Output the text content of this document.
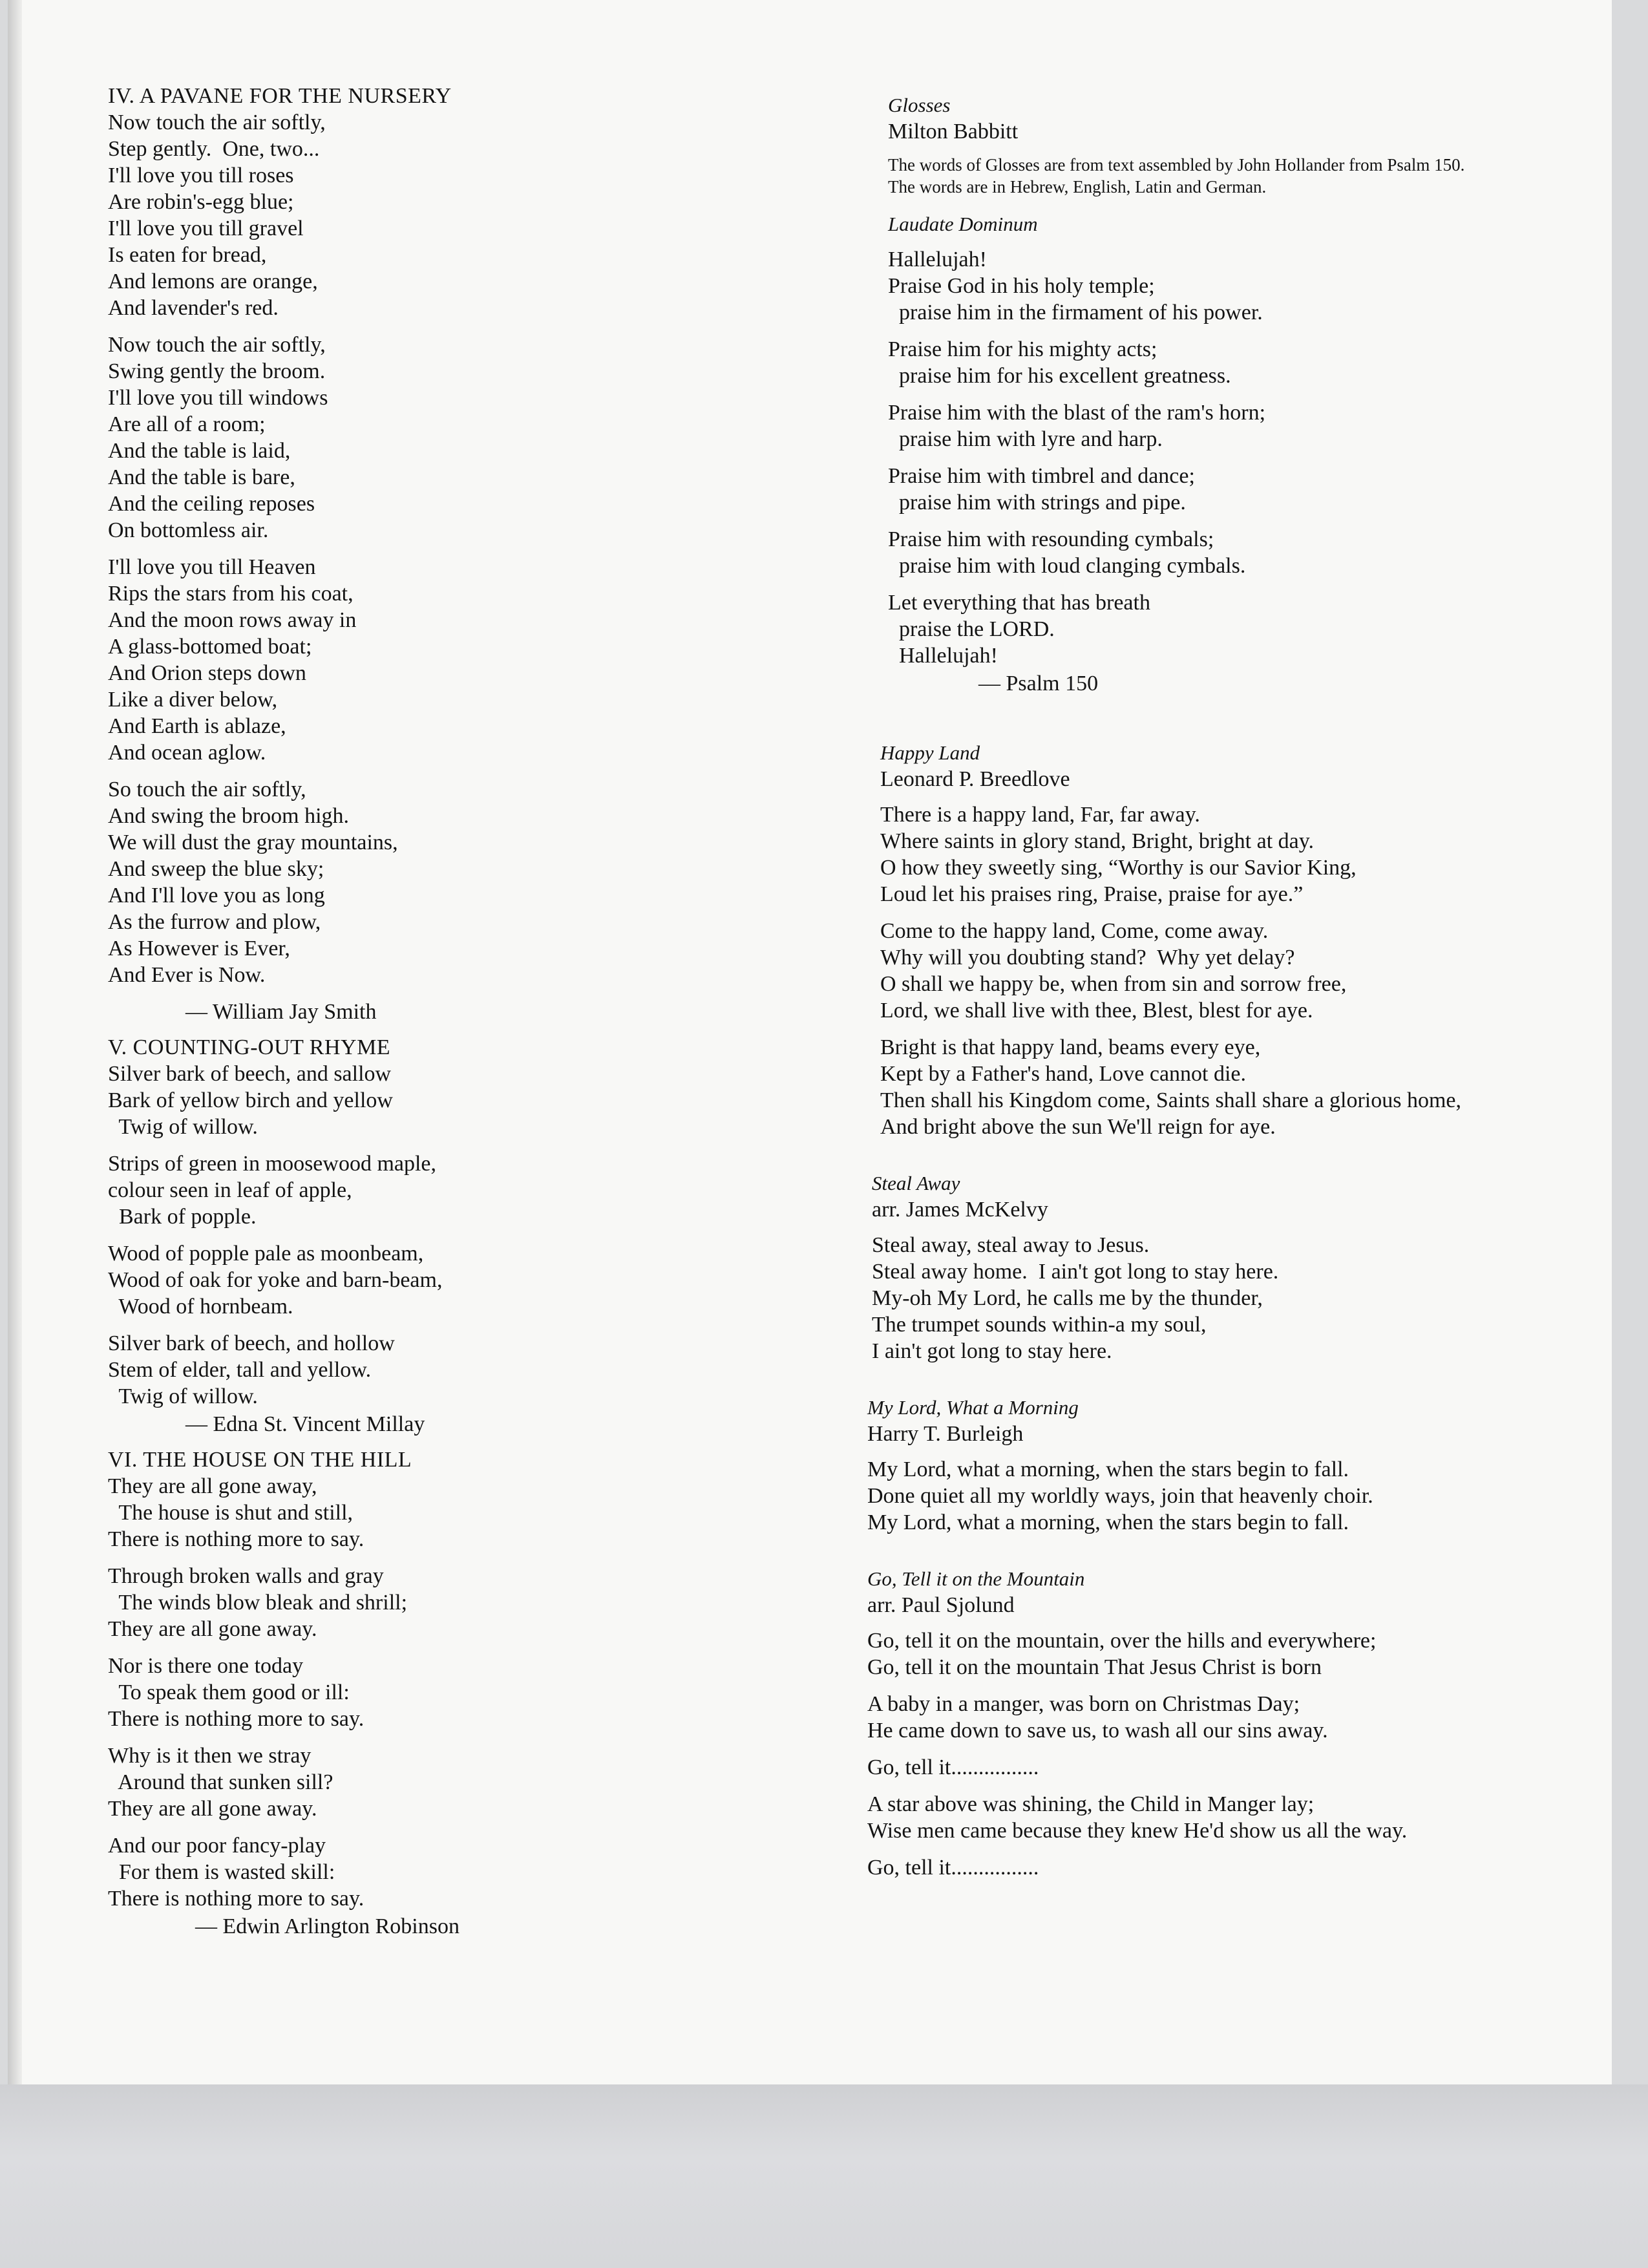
IV. A PAVANE FOR THE NURSERY
Now touch the air softly,
Step gently.  One, two...
I'll love you till roses
Are robin's-egg blue;
I'll love you till gravel
Is eaten for bread,
And lemons are orange,
And lavender's red.
Now touch the air softly,
Swing gently the broom.
I'll love you till windows
Are all of a room;
And the table is laid,
And the table is bare,
And the ceiling reposes
On bottomless air.
I'll love you till Heaven
Rips the stars from his coat,
And the moon rows away in
A glass-bottomed boat;
And Orion steps down
Like a diver below,
And Earth is ablaze,
And ocean aglow.
So touch the air softly,
And swing the broom high.
We will dust the gray mountains,
And sweep the blue sky;
And I'll love you as long
As the furrow and plow,
As However is Ever,
And Ever is Now.
— William Jay Smith
V. COUNTING-OUT RHYME
Silver bark of beech, and sallow
Bark of yellow birch and yellow
Twig of willow.
Strips of green in moosewood maple,
colour seen in leaf of apple,
Bark of popple.
Wood of popple pale as moonbeam,
Wood of oak for yoke and barn-beam,
Wood of hornbeam.
Silver bark of beech, and hollow
Stem of elder, tall and yellow.
Twig of willow.
— Edna St. Vincent Millay
VI. THE HOUSE ON THE HILL
They are all gone away,
The house is shut and still,
There is nothing more to say.
Through broken walls and gray
The winds blow bleak and shrill;
They are all gone away.
Nor is there one today
To speak them good or ill:
There is nothing more to say.
Why is it then we stray
Around that sunken sill?
They are all gone away.
And our poor fancy-play
For them is wasted skill:
There is nothing more to say.
— Edwin Arlington Robinson
Glosses
Milton Babbitt
The words of Glosses are from text assembled by John Hollander from Psalm 150.
The words are in Hebrew, English, Latin and German.
Laudate Dominum
Hallelujah!
Praise God in his holy temple;
praise him in the firmament of his power.
Praise him for his mighty acts;
praise him for his excellent greatness.
Praise him with the blast of the ram's horn;
praise him with lyre and harp.
Praise him with timbrel and dance;
praise him with strings and pipe.
Praise him with resounding cymbals;
praise him with loud clanging cymbals.
Let everything that has breath
praise the LORD.
Hallelujah!
— Psalm 150
Happy Land
Leonard P. Breedlove
There is a happy land, Far, far away.
Where saints in glory stand, Bright, bright at day.
O how they sweetly sing, “Worthy is our Savior King,
Loud let his praises ring, Praise, praise for aye.”
Come to the happy land, Come, come away.
Why will you doubting stand?  Why yet delay?
O shall we happy be, when from sin and sorrow free,
Lord, we shall live with thee, Blest, blest for aye.
Bright is that happy land, beams every eye,
Kept by a Father's hand, Love cannot die.
Then shall his Kingdom come, Saints shall share a glorious home,
And bright above the sun We'll reign for aye.
Steal Away
arr. James McKelvy
Steal away, steal away to Jesus.
Steal away home.  I ain't got long to stay here.
My-oh My Lord, he calls me by the thunder,
The trumpet sounds within-a my soul,
I ain't got long to stay here.
My Lord, What a Morning
Harry T. Burleigh
My Lord, what a morning, when the stars begin to fall.
Done quiet all my worldly ways, join that heavenly choir.
My Lord, what a morning, when the stars begin to fall.
Go, Tell it on the Mountain
arr. Paul Sjolund
Go, tell it on the mountain, over the hills and everywhere;
Go, tell it on the mountain That Jesus Christ is born
A baby in a manger, was born on Christmas Day;
He came down to save us, to wash all our sins away.
Go, tell it................
A star above was shining, the Child in Manger lay;
Wise men came because they knew He'd show us all the way.
Go, tell it................
